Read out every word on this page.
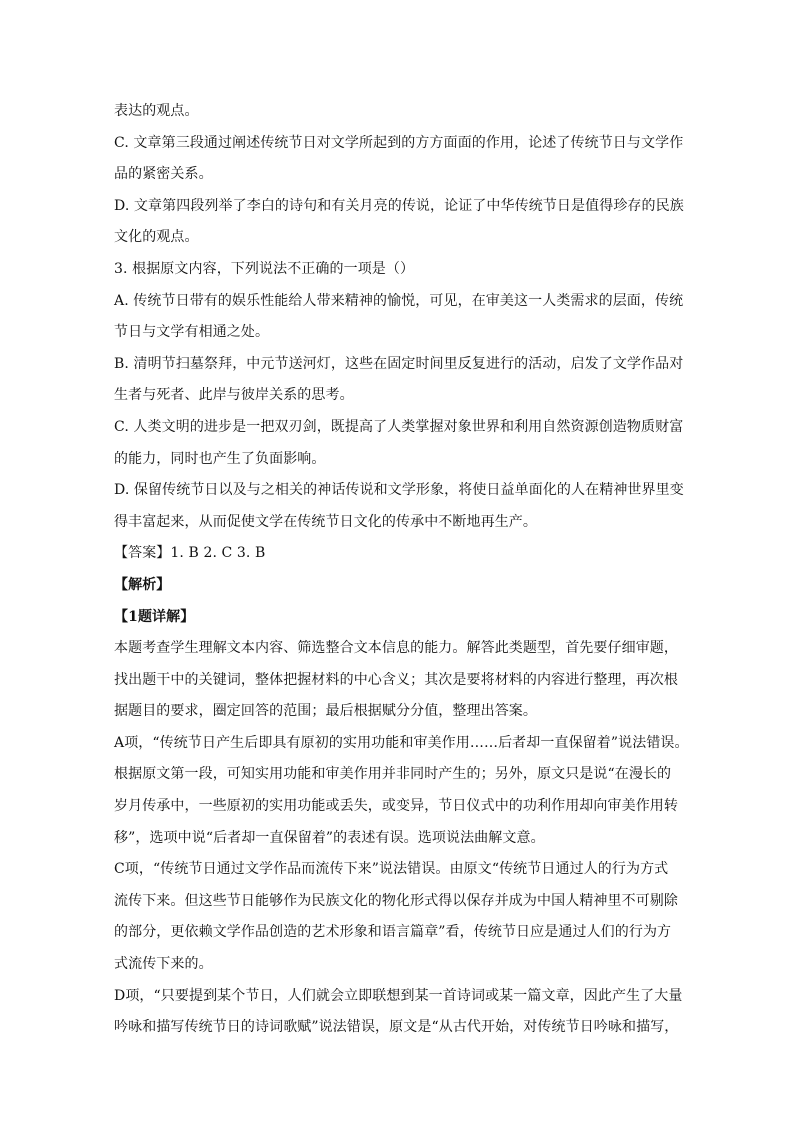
表达的观点。
C. 文章第三段通过阐述传统节日对文学所起到的方方面面的作用，论述了传统节日与文学作
品的紧密关系。
D. 文章第四段列举了李白的诗句和有关月亮的传说，论证了中华传统节日是值得珍存的民族
文化的观点。
3. 根据原文内容，下列说法不正确的一项是（）
A. 传统节日带有的娱乐性能给人带来精神的愉悦，可见，在审美这一人类需求的层面，传统
节日与文学有相通之处。
B. 清明节扫墓祭拜，中元节送河灯，这些在固定时间里反复进行的活动，启发了文学作品对
生者与死者、此岸与彼岸关系的思考。
C. 人类文明的进步是一把双刃剑，既提高了人类掌握对象世界和利用自然资源创造物质财富
的能力，同时也产生了负面影响。
D. 保留传统节日以及与之相关的神话传说和文学形象，将使日益单面化的人在精神世界里变
得丰富起来，从而促使文学在传统节日文化的传承中不断地再生产。
【答案】1. B 2. C 3. B
【解析】
【1题详解】
本题考查学生理解文本内容、筛选整合文本信息的能力。解答此类题型，首先要仔细审题，
找出题干中的关键词，整体把握材料的中心含义；其次是要将材料的内容进行整理，再次根
据题目的要求，圈定回答的范围；最后根据赋分分值，整理出答案。
A项，“传统节日产生后即具有原初的实用功能和审美作用……后者却一直保留着”说法错误。
根据原文第一段，可知实用功能和审美作用并非同时产生的；另外，原文只是说“在漫长的
岁月传承中，一些原初的实用功能或丢失，或变异，节日仪式中的功利作用却向审美作用转
移”，选项中说“后者却一直保留着”的表述有误。选项说法曲解文意。
C项，“传统节日通过文学作品而流传下来”说法错误。由原文“传统节日通过人的行为方式
流传下来。但这些节日能够作为民族文化的物化形式得以保存并成为中国人精神里不可剔除
的部分，更依赖文学作品创造的艺术形象和语言篇章”看，传统节日应是通过人们的行为方
式流传下来的。
D项，“只要提到某个节日，人们就会立即联想到某一首诗词或某一篇文章，因此产生了大量
吟咏和描写传统节日的诗词歌赋”说法错误，原文是“从古代开始，对传统节日吟咏和描写，
